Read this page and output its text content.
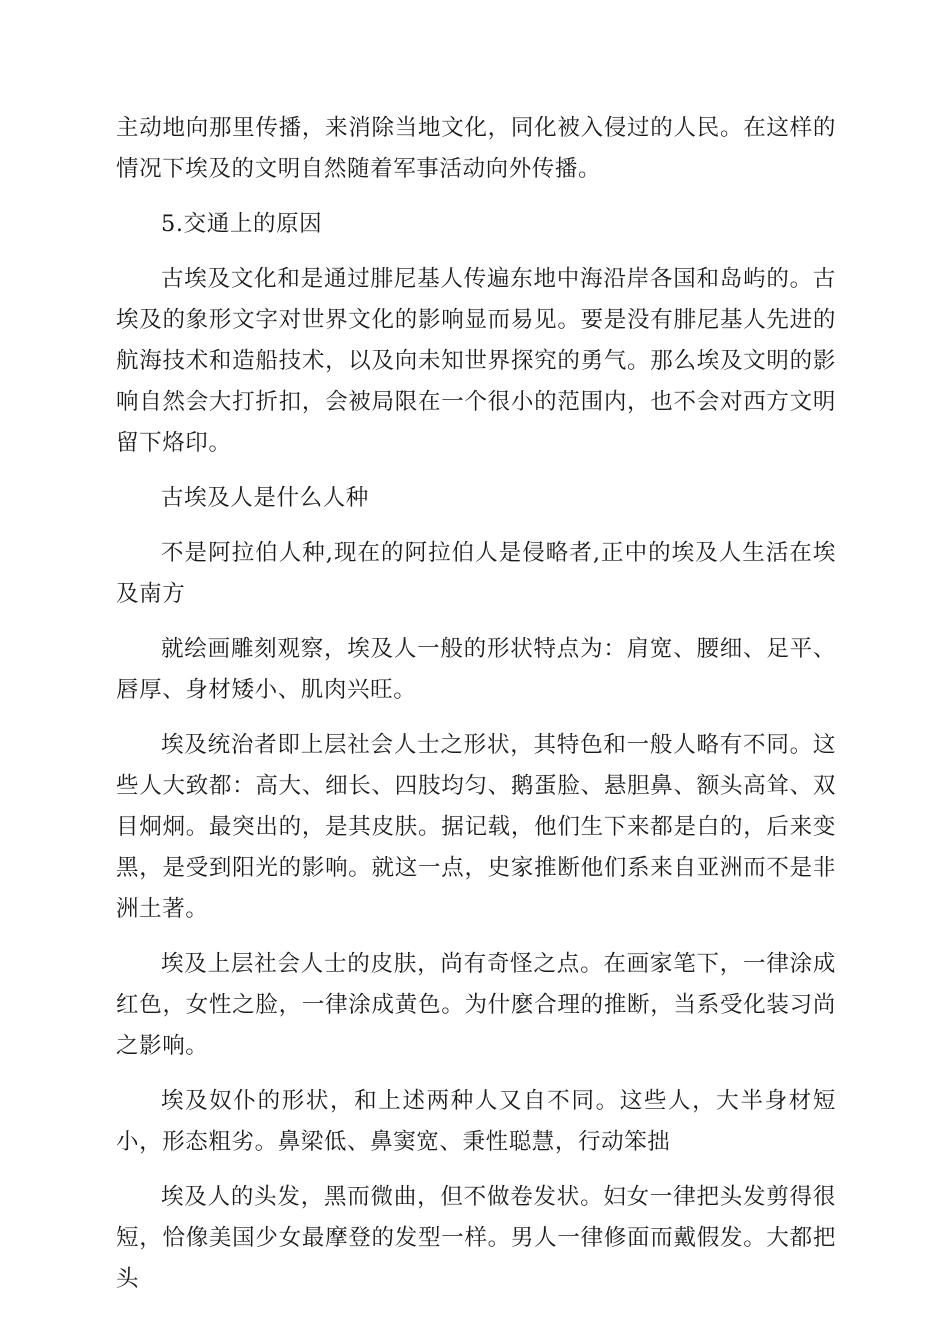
主动地向那里传播，来消除当地文化，同化被入侵过的人民。在这样的情况下埃及的文明自然随着军事活动向外传播。

5.交通上的原因

古埃及文化和是通过腓尼基人传遍东地中海沿岸各国和岛屿的。古埃及的象形文字对世界文化的影响显而易见。要是没有腓尼基人先进的航海技术和造船技术，以及向未知世界探究的勇气。那么埃及文明的影响自然会大打折扣，会被局限在一个很小的范围内，也不会对西方文明留下烙印。

古埃及人是什么人种

不是阿拉伯人种,现在的阿拉伯人是侵略者,正中的埃及人生活在埃及南方

就绘画雕刻观察，埃及人一般的形状特点为：肩宽、腰细、足平、唇厚、身材矮小、肌肉兴旺。

埃及统治者即上层社会人士之形状，其特色和一般人略有不同。这些人大致都：高大、细长、四肢均匀、鹅蛋脸、悬胆鼻、额头高耸、双目炯炯。最突出的，是其皮肤。据记载，他们生下来都是白的，后来变黑，是受到阳光的影响。就这一点，史家推断他们系来自亚洲而不是非洲土著。

埃及上层社会人士的皮肤，尚有奇怪之点。在画家笔下，一律涂成红色，女性之脸，一律涂成黄色。为什麽合理的推断，当系受化装习尚之影响。

埃及奴仆的形状，和上述两种人又自不同。这些人，大半身材短小，形态粗劣。鼻梁低、鼻窦宽、秉性聪慧，行动笨拙

埃及人的头发，黑而微曲，但不做卷发状。妇女一律把头发剪得很短，恰像美国少女最摩登的发型一样。男人一律修面而戴假发。大都把头
